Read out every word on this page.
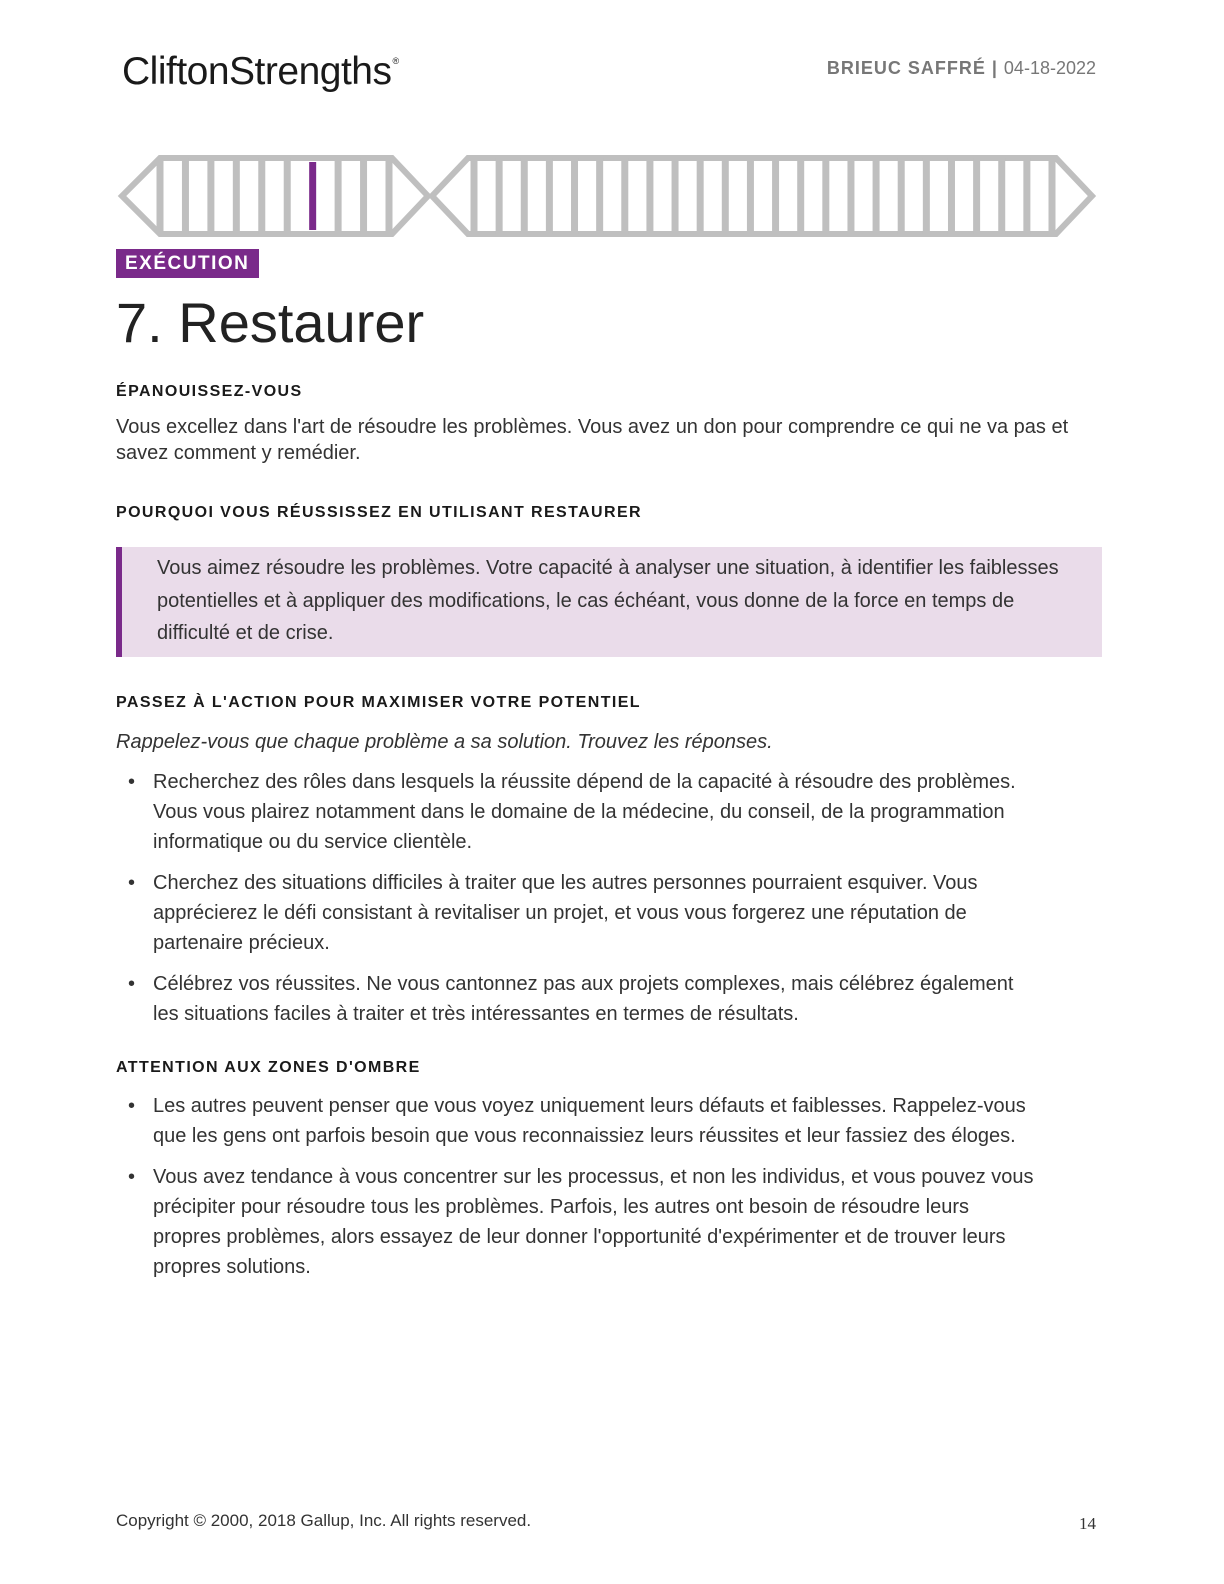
CliftonStrengths®	BRIEUC SAFFRÉ | 04-18-2022
EXÉCUTION
7. Restaurer
ÉPANOUISSEZ-VOUS

Vous excellez dans l'art de résoudre les problèmes. Vous avez un don pour comprendre ce qui ne va pas et savez comment y remédier.

POURQUOI VOUS RÉUSSISSEZ EN UTILISANT RESTAURER

Vous aimez résoudre les problèmes. Votre capacité à analyser une situation, à identifier les faiblesses potentielles et à appliquer des modifications, le cas échéant, vous donne de la force en temps de difficulté et de crise.

PASSEZ À L'ACTION POUR MAXIMISER VOTRE POTENTIEL

Rappelez-vous que chaque problème a sa solution. Trouvez les réponses.

• Recherchez des rôles dans lesquels la réussite dépend de la capacité à résoudre des problèmes. Vous vous plairez notamment dans le domaine de la médecine, du conseil, de la programmation informatique ou du service clientèle.
• Cherchez des situations difficiles à traiter que les autres personnes pourraient esquiver. Vous apprécierez le défi consistant à revitaliser un projet, et vous vous forgerez une réputation de partenaire précieux.
• Célébrez vos réussites. Ne vous cantonnez pas aux projets complexes, mais célébrez également les situations faciles à traiter et très intéressantes en termes de résultats.
ATTENTION AUX ZONES D'OMBRE
• Les autres peuvent penser que vous voyez uniquement leurs défauts et faiblesses. Rappelez-vous que les gens ont parfois besoin que vous reconnaissiez leurs réussites et leur fassiez des éloges.
• Vous avez tendance à vous concentrer sur les processus, et non les individus, et vous pouvez vous précipiter pour résoudre tous les problèmes. Parfois, les autres ont besoin de résoudre leurs propres problèmes, alors essayez de leur donner l'opportunité d'expérimenter et de trouver leurs propres solutions.
Copyright © 2000, 2018 Gallup, Inc. All rights reserved.	14
